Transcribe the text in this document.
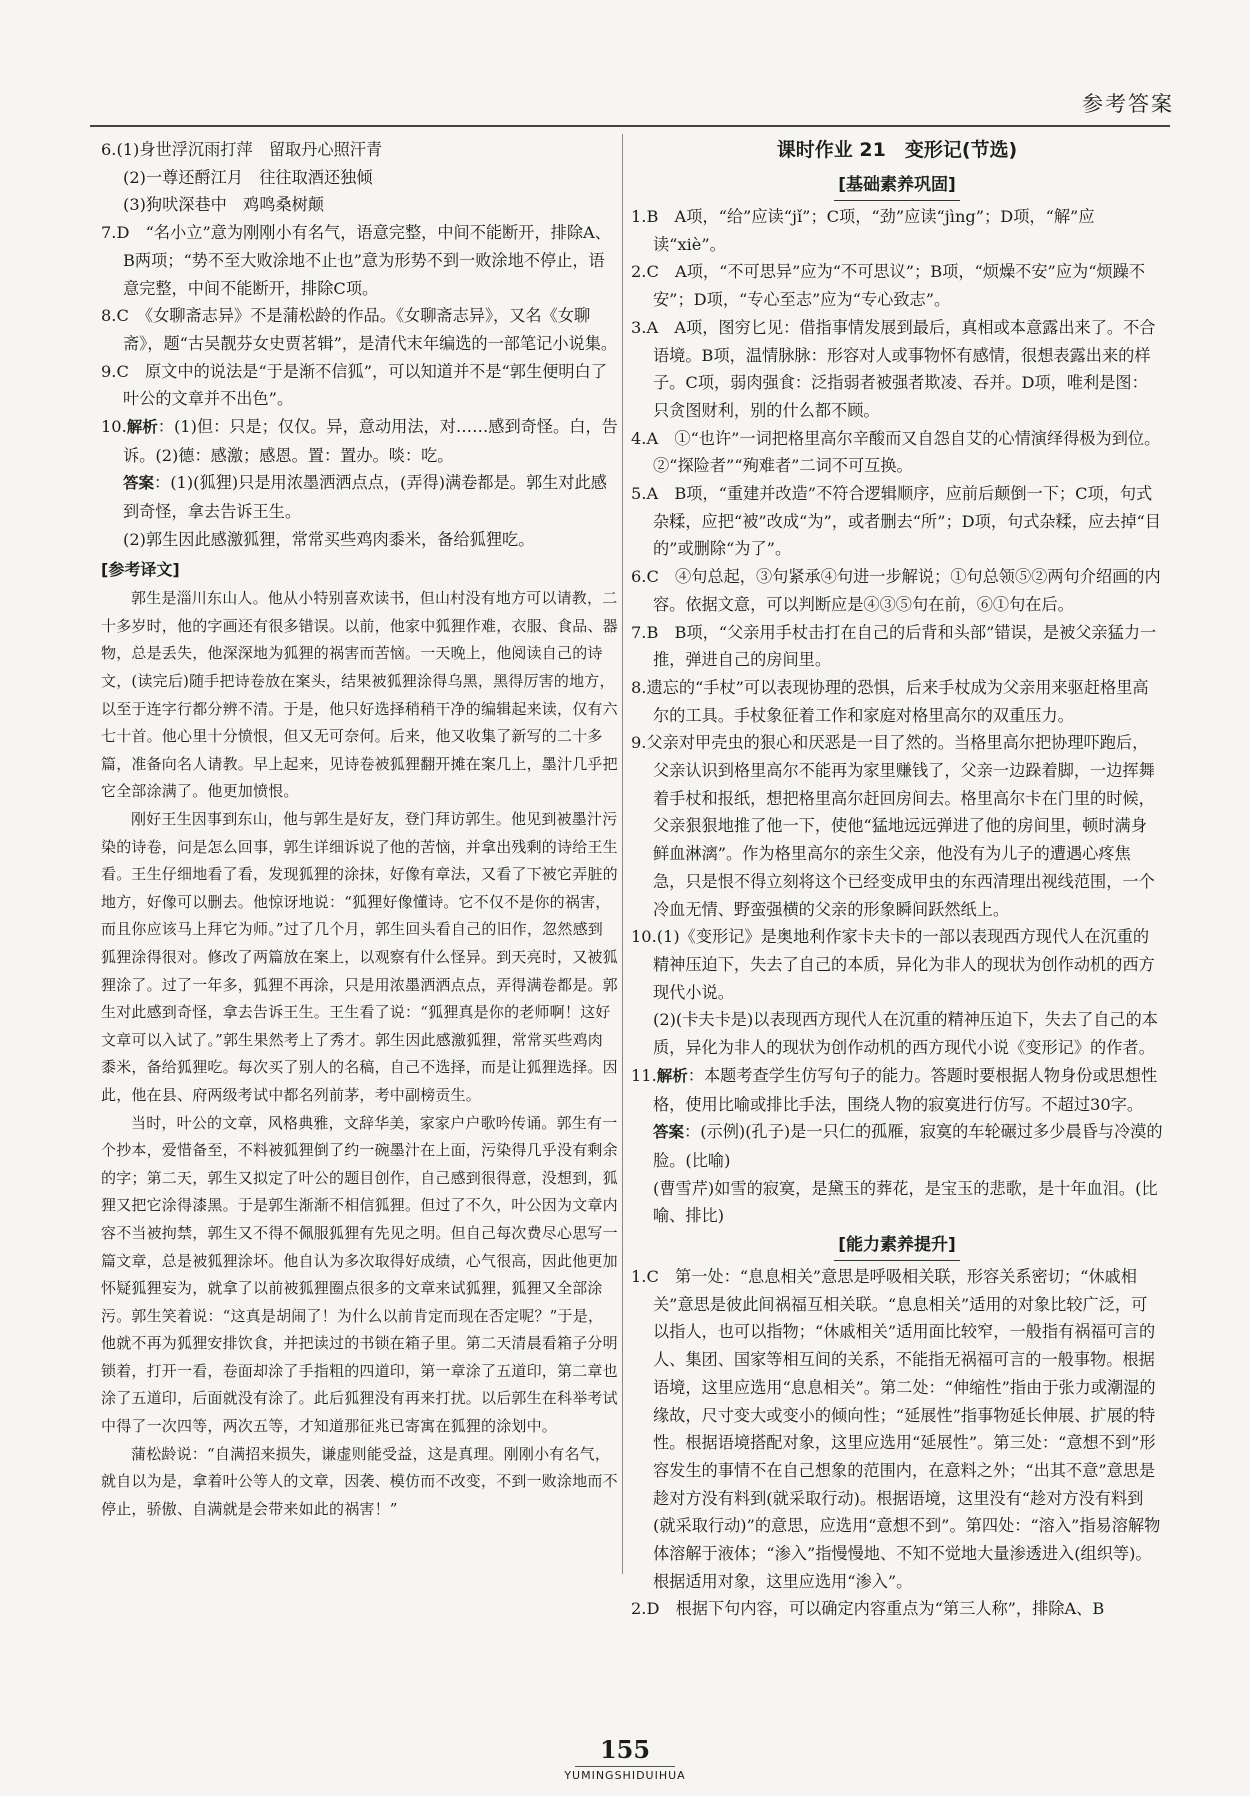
参考答案
6.(1)身世浮沉雨打萍　留取丹心照汗青
(2)一尊还酹江月　往往取酒还独倾
(3)狗吠深巷中　鸡鸣桑树颠
7.D　“名小立”意为刚刚小有名气，语意完整，中间不能断开，排除A、B两项；“势不至大败涂地不止也”意为形势不到一败涂地不停止，语意完整，中间不能断开，排除C项。
8.C　《女聊斋志异》不是蒲松龄的作品。《女聊斋志异》，又名《女聊斋》，题“古吴靓芬女史贾茗辑”，是清代末年编选的一部笔记小说集。
9.C　原文中的说法是“于是渐不信狐”，可以知道并不是“郭生便明白了叶公的文章并不出色”。
10.解析：(1)但：只是；仅仅。异，意动用法，对……感到奇怪。白，告诉。(2)德：感激；感恩。置：置办。啖：吃。
答案：(1)(狐狸)只是用浓墨洒洒点点，(弄得)满卷都是。郭生对此感到奇怪，拿去告诉王生。
(2)郭生因此感激狐狸，常常买些鸡肉黍米，备给狐狸吃。
[参考译文]

郭生是淄川东山人。他从小特别喜欢读书，但山村没有地方可以请教，二十多岁时，他的字画还有很多错误。以前，他家中狐狸作难，衣服、食品、器物，总是丢失，他深深地为狐狸的祸害而苦恼。一天晚上，他阅读自己的诗文，(读完后)随手把诗卷放在案头，结果被狐狸涂得乌黑，黑得厉害的地方，以至于连字行都分辨不清。于是，他只好选择稍稍干净的编辑起来读，仅有六七十首。他心里十分愤恨，但又无可奈何。后来，他又收集了新写的二十多篇，准备向名人请教。早上起来，见诗卷被狐狸翻开摊在案几上，墨汁几乎把它全部涂满了。他更加愤恨。

刚好王生因事到东山，他与郭生是好友，登门拜访郭生。他见到被墨汁污染的诗卷，问是怎么回事，郭生详细诉说了他的苦恼，并拿出残剩的诗给王生看。王生仔细地看了看，发现狐狸的涂抹，好像有章法，又看了下被它弄脏的地方，好像可以删去。他惊讶地说：“狐狸好像懂诗。它不仅不是你的祸害，而且你应该马上拜它为师。”过了几个月，郭生回头看自己的旧作，忽然感到狐狸涂得很对。修改了两篇放在案上，以观察有什么怪异。到天亮时，又被狐狸涂了。过了一年多，狐狸不再涂，只是用浓墨洒洒点点，弄得满卷都是。郭生对此感到奇怪，拿去告诉王生。王生看了说：“狐狸真是你的老师啊！这好文章可以入试了。”郭生果然考上了秀才。郭生因此感激狐狸，常常买些鸡肉黍米，备给狐狸吃。每次买了别人的名稿，自己不选择，而是让狐狸选择。因此，他在县、府两级考试中都名列前茅，考中副榜贡生。

当时，叶公的文章，风格典雅，文辞华美，家家户户歌吟传诵。郭生有一个抄本，爱惜备至，不料被狐狸倒了约一碗墨汁在上面，污染得几乎没有剩余的字；第二天，郭生又拟定了叶公的题目创作，自己感到很得意，没想到，狐狸又把它涂得漆黑。于是郭生渐渐不相信狐狸。但过了不久，叶公因为文章内容不当被拘禁，郭生又不得不佩服狐狸有先见之明。但自己每次费尽心思写一篇文章，总是被狐狸涂坏。他自认为多次取得好成绩，心气很高，因此他更加怀疑狐狸妄为，就拿了以前被狐狸圈点很多的文章来试狐狸，狐狸又全部涂污。郭生笑着说：“这真是胡闹了！为什么以前肯定而现在否定呢？”于是，他就不再为狐狸安排饮食，并把读过的书锁在箱子里。第二天清晨看箱子分明锁着，打开一看，卷面却涂了手指粗的四道印，第一章涂了五道印，第二章也涂了五道印，后面就没有涂了。此后狐狸没有再来打扰。以后郭生在科举考试中得了一次四等，两次五等，才知道那征兆已寄寓在狐狸的涂划中。

蒲松龄说：“自满招来损失，谦虚则能受益，这是真理。刚刚小有名气，就自以为是，拿着叶公等人的文章，因袭、模仿而不改变，不到一败涂地而不停止，骄傲、自满就是会带来如此的祸害！”

课时作业 21　变形记(节选)
[基础素养巩固]
1.B　A项，“给”应读“jǐ”；C项，“劲”应读“jìng”；D项，“解”应读“xiè”。
2.C　A项，“不可思异”应为“不可思议”；B项，“烦燥不安”应为“烦躁不安”；D项，“专心至志”应为“专心致志”。
3.A　A项，图穷匕见：借指事情发展到最后，真相或本意露出来了。不合语境。B项，温情脉脉：形容对人或事物怀有感情，很想表露出来的样子。C项，弱肉强食：泛指弱者被强者欺凌、吞并。D项，唯利是图：只贪图财利，别的什么都不顾。
4.A　①“也许”一词把格里高尔辛酸而又自怨自艾的心情演绎得极为到位。②“探险者”“殉难者”二词不可互换。
5.A　B项，“重建并改造”不符合逻辑顺序，应前后颠倒一下；C项，句式杂糅，应把“被”改成“为”，或者删去“所”；D项，句式杂糅，应去掉“目的”或删除“为了”。
6.C　④句总起，③句紧承④句进一步解说；①句总领⑤②两句介绍画的内容。依据文意，可以判断应是④③⑤句在前，⑥①句在后。
7.B　B项，“父亲用手杖击打在自己的后背和头部”错误，是被父亲猛力一推，弹进自己的房间里。
8.遗忘的“手杖”可以表现协理的恐惧，后来手杖成为父亲用来驱赶格里高尔的工具。手杖象征着工作和家庭对格里高尔的双重压力。
9.父亲对甲壳虫的狠心和厌恶是一目了然的。当格里高尔把协理吓跑后，父亲认识到格里高尔不能再为家里赚钱了，父亲一边跺着脚，一边挥舞着手杖和报纸，想把格里高尔赶回房间去。格里高尔卡在门里的时候，父亲狠狠地推了他一下，使他“猛地远远弹进了他的房间里，顿时满身鲜血淋漓”。作为格里高尔的亲生父亲，他没有为儿子的遭遇心疼焦急，只是恨不得立刻将这个已经变成甲虫的东西清理出视线范围，一个冷血无情、野蛮强横的父亲的形象瞬间跃然纸上。
10.(1)《变形记》是奥地利作家卡夫卡的一部以表现西方现代人在沉重的精神压迫下，失去了自己的本质，异化为非人的现状为创作动机的西方现代小说。
(2)(卡夫卡是)以表现西方现代人在沉重的精神压迫下，失去了自己的本质，异化为非人的现状为创作动机的西方现代小说《变形记》的作者。
11.解析：本题考查学生仿写句子的能力。答题时要根据人物身份或思想性格，使用比喻或排比手法，围绕人物的寂寞进行仿写。不超过30字。
答案：(示例)(孔子)是一只仁的孤雁，寂寞的车轮碾过多少晨昏与冷漠的脸。(比喻)
(曹雪芹)如雪的寂寞，是黛玉的葬花，是宝玉的悲歌，是十年血泪。(比喻、排比)
[能力素养提升]
1.C　第一处：“息息相关”意思是呼吸相关联，形容关系密切；“休戚相关”意思是彼此间祸福互相关联。“息息相关”适用的对象比较广泛，可以指人，也可以指物；“休戚相关”适用面比较窄，一般指有祸福可言的人、集团、国家等相互间的关系，不能指无祸福可言的一般事物。根据语境，这里应选用“息息相关”。第二处：“伸缩性”指由于张力或潮湿的缘故，尺寸变大或变小的倾向性；“延展性”指事物延长伸展、扩展的特性。根据语境搭配对象，这里应选用“延展性”。第三处：“意想不到”形容发生的事情不在自己想象的范围内，在意料之外；“出其不意”意思是趁对方没有料到(就采取行动)。根据语境，这里没有“趁对方没有料到(就采取行动)”的意思，应选用“意想不到”。第四处：“溶入”指易溶解物体溶解于液体；“渗入”指慢慢地、不知不觉地大量渗透进入(组织等)。根据适用对象，这里应选用“渗入”。
2.D　根据下句内容，可以确定内容重点为“第三人称”，排除A、B
155
YUMINGSHIDUIHUA
